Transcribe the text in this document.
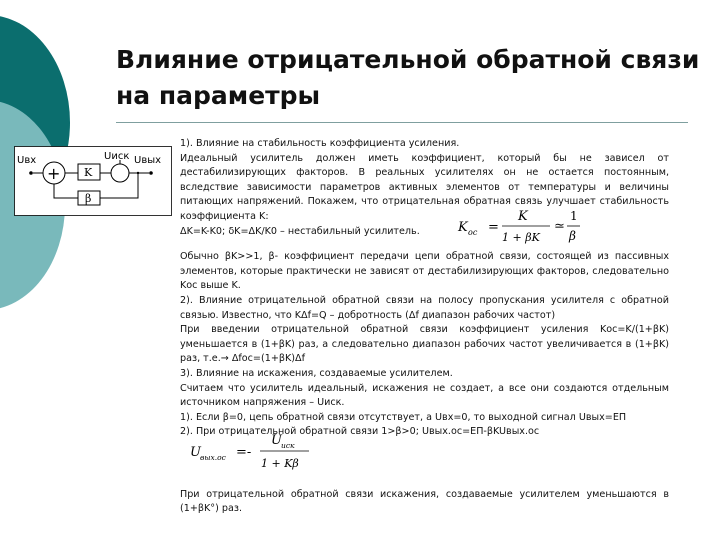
Влияние отрицательной обратной связи на параметры
Uвх
+ K
Uиск Uвых
β

1). Влияние на стабильность коэффициента усиления.

Идеальный усилитель должен иметь коэффициент, который бы не зависел от дестабилизирующих факторов. В реальных усилителях он не остается постоянным, вследствие зависимости параметров активных элементов от температуры и величины питающих напряжений. Покажем, что отрицательная обратная связь улучшает стабильность коэффициента K:

ΔK=K-K0; δK=ΔK/K0 – нестабильный усилитель.

Обычно βK>>1, β- коэффициент передачи цепи обратной связи, состоящей из пассивных элементов, которые практически не зависят от дестабилизирующих факторов, следовательно Kос выше K.

2). Влияние отрицательной обратной связи на полосу пропускания усилителя с обратной связью. Известно, что KΔf=Q – добротность (Δf диапазон рабочих частот)

При введении отрицательной обратной связи коэффициент усиления Kос=K/(1+βK) уменьшается в (1+βK) раз, а следовательно диапазон рабочих частот увеличивается в (1+βK) раз, т.е.→ Δfос=(1+βK)Δf

3). Влияние на искажения, создаваемые усилителем.

Считаем что усилитель идеальный, искажения не создает, а все они создаются отдельным источником напряжения – Uиск.

1). Если β=0, цепь обратной связи отсутствует, а Uвх=0, то выходной сигнал Uвых=EП

2). При отрицательной обратной связи 1>β>0; Uвых.ос=EП-βKUвых.ос

При отрицательной обратной связи искажения, создаваемые усилителем уменьшаются в (1+βK°) раз.

K ос =
K
1 + βK
≃
1
β
U вых.ос =-
U иск
1 + Kβ
